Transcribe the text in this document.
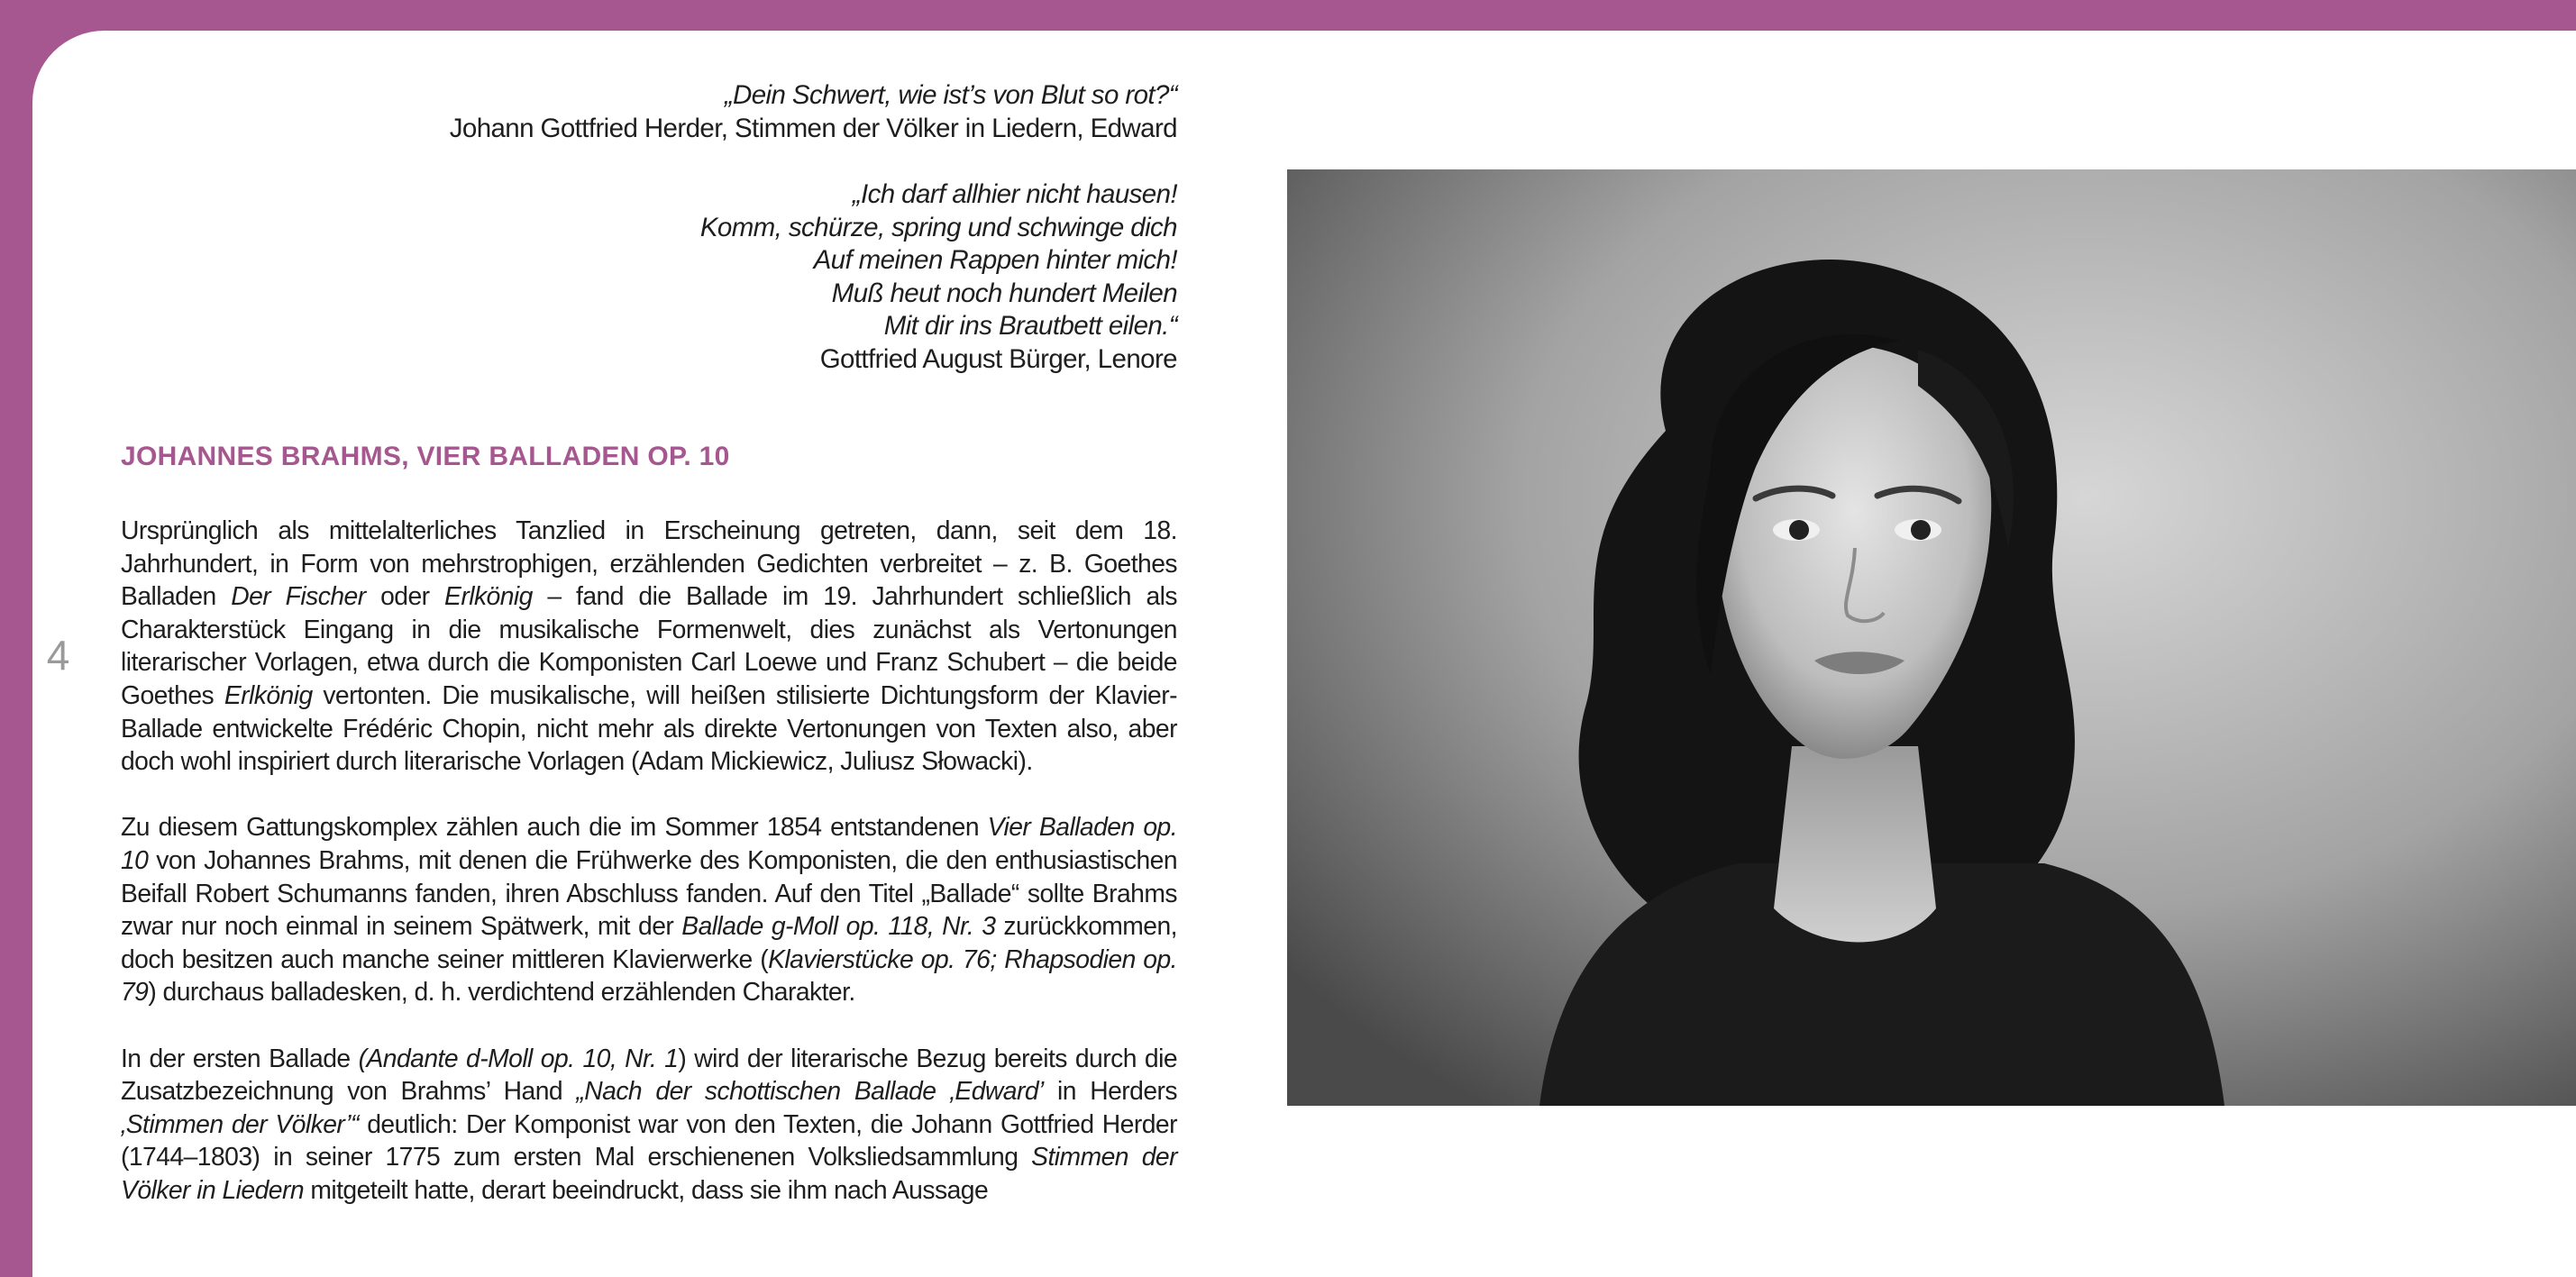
4
„Dein Schwert, wie ist’s von Blut so rot?“
Johann Gottfried Herder, Stimmen der Völker in Liedern, Edward
„Ich darf allhier nicht hausen!
Komm, schürze, spring und schwinge dich
Auf meinen Rappen hinter mich!
Muß heut noch hundert Meilen
Mit dir ins Brautbett eilen.“
Gottfried August Bürger, Lenore
JOHANNES BRAHMS, VIER BALLADEN OP. 10

Ursprünglich als mittelalterliches Tanzlied in Erscheinung getreten, dann, seit dem 18. Jahrhundert, in Form von mehrstrophigen, erzählenden Gedichten verbreitet – z. B. Goethes Balladen Der Fischer oder Erlkönig – fand die Ballade im 19. Jahrhundert schließlich als Charakterstück Eingang in die musikalische Formenwelt, dies zunächst als Vertonungen literarischer Vorlagen, etwa durch die Komponisten Carl Loewe und Franz Schubert – die beide Goethes Erlkönig vertonten. Die musikalische, will heißen stilisierte Dichtungsform der Klavier-Ballade entwickelte Frédéric Chopin, nicht mehr als direkte Vertonungen von Texten also, aber doch wohl inspiriert durch literarische Vorlagen (Adam Mickiewicz, Juliusz Słowacki).

Zu diesem Gattungskomplex zählen auch die im Sommer 1854 entstandenen Vier Balladen op. 10 von Johannes Brahms, mit denen die Frühwerke des Komponisten, die den enthusiastischen Beifall Robert Schumanns fanden, ihren Abschluss fanden. Auf den Titel „Ballade“ sollte Brahms zwar nur noch einmal in seinem Spätwerk, mit der Ballade g-Moll op. 118, Nr. 3 zurückkommen, doch besitzen auch manche seiner mittleren Klavierwerke (Klavierstücke op. 76; Rhapsodien op. 79) durchaus balladesken, d. h. verdichtend erzählenden Charakter.

In der ersten Ballade (Andante d-Moll op. 10, Nr. 1) wird der literarische Bezug bereits durch die Zusatzbezeichnung von Brahms’ Hand „Nach der schottischen Ballade ‚Edward’ in Herders ‚Stimmen der Völker’“ deutlich: Der Komponist war von den Texten, die Johann Gottfried Herder (1744–1803) in seiner 1775 zum ersten Mal erschienenen Volksliedsammlung Stimmen der Völker in Liedern mitgeteilt hatte, derart beeindruckt, dass sie ihm nach Aussage
